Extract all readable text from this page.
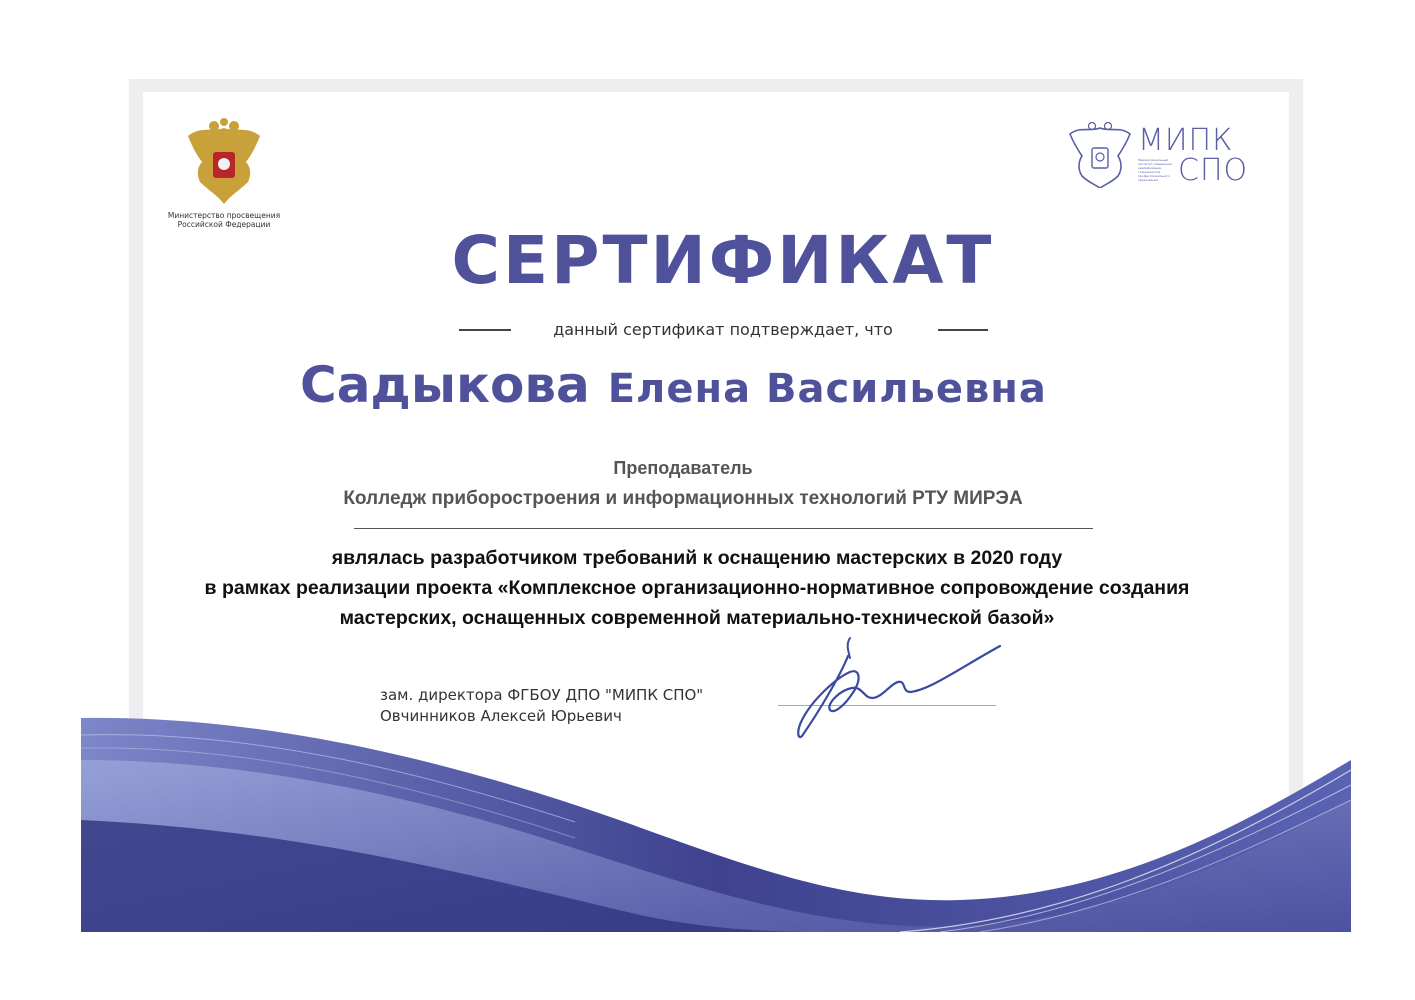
Министерство просвещения
Российской Федерации
МИПК
СПО
Межрегиональный институт повышения квалификации специалистов профессионального образования
СЕРТИФИКАТ
данный сертификат подтверждает, что
Садыкова Елена Васильевна
Преподаватель
Колледж приборостроения и информационных технологий РТУ МИРЭА
являлась разработчиком требований к оснащению мастерских в 2020 году
в рамках реализации проекта «Комплексное организационно-нормативное сопровождение создания
мастерских, оснащенных современной материально-технической базой»
зам. директора ФГБОУ ДПО "МИПК СПО"
Овчинников Алексей Юрьевич
